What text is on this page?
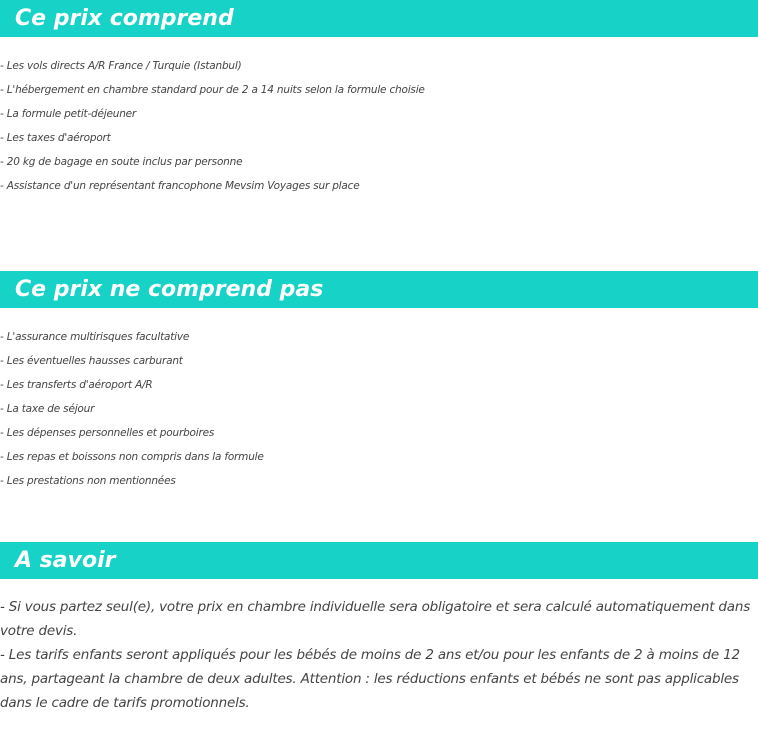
Ce prix comprend
- Les vols directs A/R France / Turquie (Istanbul)
- L'hébergement en chambre standard pour de 2 a 14 nuits selon la formule choisie
- La formule petit-déjeuner
- Les taxes d'aéroport
- 20 kg de bagage en soute inclus par personne
- Assistance d'un représentant francophone Mevsim Voyages sur place
Ce prix ne comprend pas
- L'assurance multirisques facultative
- Les éventuelles hausses carburant
- Les transferts d'aéroport A/R
- La taxe de séjour
- Les dépenses personnelles et pourboires
- Les repas et boissons non compris dans la formule
- Les prestations non mentionnées
A savoir

- Si vous partez seul(e), votre prix en chambre individuelle sera obligatoire et sera calculé automatiquement dans votre devis.

- Les tarifs enfants seront appliqués pour les bébés de moins de 2 ans et/ou pour les enfants de 2 à moins de 12 ans, partageant la chambre de deux adultes. Attention : les réductions enfants et bébés ne sont pas applicables dans le cadre de tarifs promotionnels.
